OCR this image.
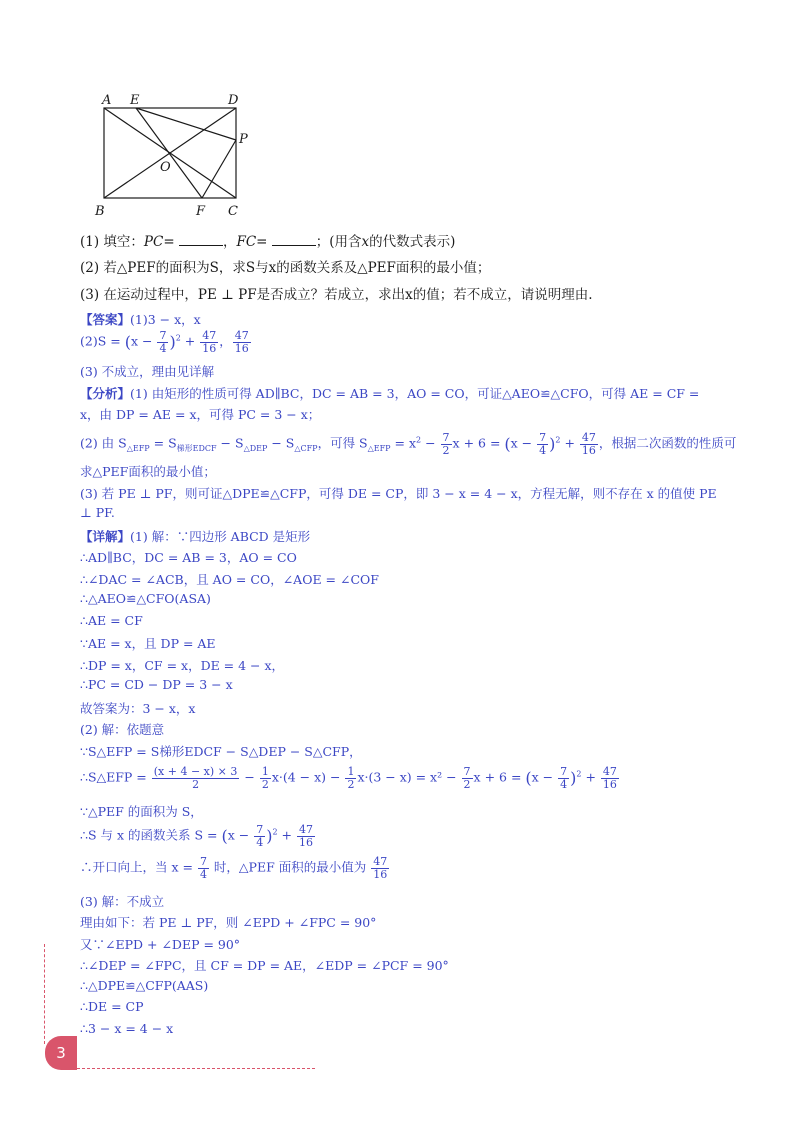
A E	D
P
O
B	F C
(1) 填空：PC=	，FC=	；(用含x的代数式表示)
(2) 若△PEF的面积为S，求S与x的函数关系及△PEF面积的最小值；
(3) 在运动过程中，PE ⊥ PF是否成立？若成立，求出x的值；若不成立，请说明理由.
【答案】(1)3 − x，x
$(2)S = (x - \frac{7}{4} )^2 + \frac{47}{16}$ ， $\frac{47}{16}$
(3) 不成立，理由见详解
【分析】(1) 由矩形的性质可得 AD∥BC，DC = AB = 3，AO = CO，可证△AEO≌△CFO，可得 AE = CF =
x，由 DP = AE = x，可得 PC = 3 − x；
(2) 由 $S_{\triangle EFP} = S_{梯形EDCF} - S_{\triangle DEP} - S_{\triangle CFP}$，可得 $S_{\triangle EFP} = x^2 - \frac{7}{2}$ $x + 6 = (x - \frac{7}{4} )^2 + \frac{47}{16}$ ，根据二次函数的性质可
求△PEF面积的最小值；
(3) 若 PE ⊥ PF，则可证△DPE≌△CFP，可得 DE = CP，即 3 − x = 4 − x，方程无解，则不存在 x 的值使 PE
⊥ PF.
【详解】(1) 解：∵四边形 ABCD 是矩形
∴AD∥BC，DC = AB = 3，AO = CO
∴∠DAC = ∠ACB，且 AO = CO，∠AOE = ∠COF
∴△AEO≌△CFO(ASA)
∴AE = CF
∵AE = x，且 DP = AE
∴DP = x，CF = x，DE = 4 − x，
∴PC = CD − DP = 3 − x
故答案为：3 − x，x
(2) 解：依题意
∵S△EFP = S梯形EDCF − S△DEP − S△CFP，
∴S△EFP = $\frac{(x + 4 - x) \times 3}{2} - \frac{1}{2} x\cdot(4 - x) - \frac{1}{2} x\cdot(3 - x) = x^2 - \frac{7}{2}$ $x + 6 = (x - \frac{7}{4} )^2 + \frac{47}{16}$
∵△PEF 的面积为 S，
∴S 与 x 的函数关系 $S = (x - \frac{7}{4} )^2 + \frac{47}{16}$
∴开口向上，当 $x = \frac{7}{4}$ 时，△PEF 面积的最小值为 $\frac{47}{16}$
(3) 解：不成立
理由如下：若 PE ⊥ PF，则 ∠EPD + ∠FPC = 90°
又∵∠EPD + ∠DEP = 90°
∴∠DEP = ∠FPC，且 CF = DP = AE，∠EDP = ∠PCF = 90°
∴△DPE≌△CFP(AAS)
∴DE = CP
∴3 − x = 4 − x
3
